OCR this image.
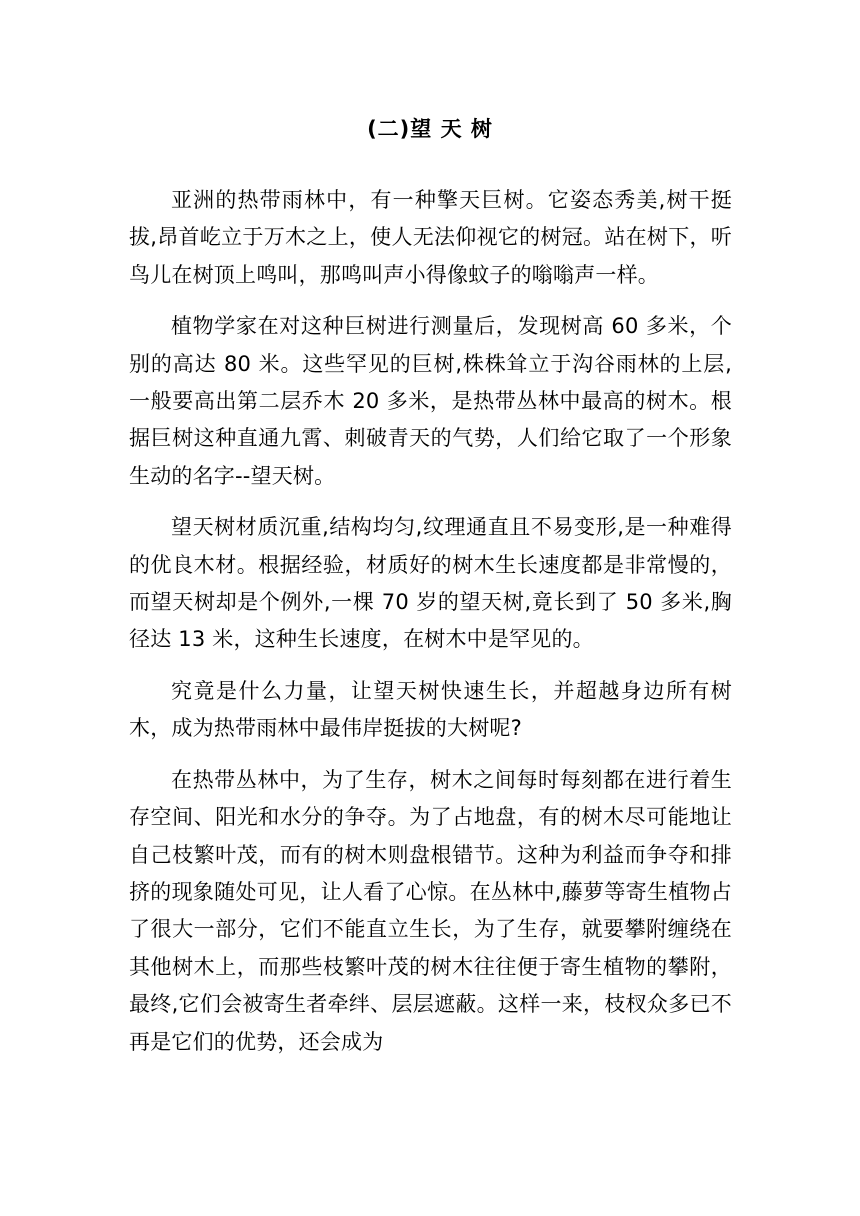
(二)望 天 树

亚洲的热带雨林中，有一种擎天巨树。它姿态秀美,树干挺拔,昂首屹立于万木之上，使人无法仰视它的树冠。站在树下，听鸟儿在树顶上鸣叫，那鸣叫声小得像蚊子的嗡嗡声一样。

植物学家在对这种巨树进行测量后，发现树高 60 多米，个别的高达 80 米。这些罕见的巨树,株株耸立于沟谷雨林的上层,一般要高出第二层乔木 20 多米，是热带丛林中最高的树木。根据巨树这种直通九霄、刺破青天的气势，人们给它取了一个形象生动的名字--望天树。

望天树材质沉重,结构均匀,纹理通直且不易变形,是一种难得的优良木材。根据经验，材质好的树木生长速度都是非常慢的，而望天树却是个例外,一棵 70 岁的望天树,竟长到了 50 多米,胸径达 13 米，这种生长速度，在树木中是罕见的。

究竟是什么力量，让望天树快速生长，并超越身边所有树木，成为热带雨林中最伟岸挺拔的大树呢?

在热带丛林中，为了生存，树木之间每时每刻都在进行着生存空间、阳光和水分的争夺。为了占地盘，有的树木尽可能地让自己枝繁叶茂，而有的树木则盘根错节。这种为利益而争夺和排挤的现象随处可见，让人看了心惊。在丛林中,藤萝等寄生植物占了很大一部分，它们不能直立生长，为了生存，就要攀附缠绕在其他树木上，而那些枝繁叶茂的树木往往便于寄生植物的攀附，最终,它们会被寄生者牵绊、层层遮蔽。这样一来，枝杈众多已不再是它们的优势，还会成为
